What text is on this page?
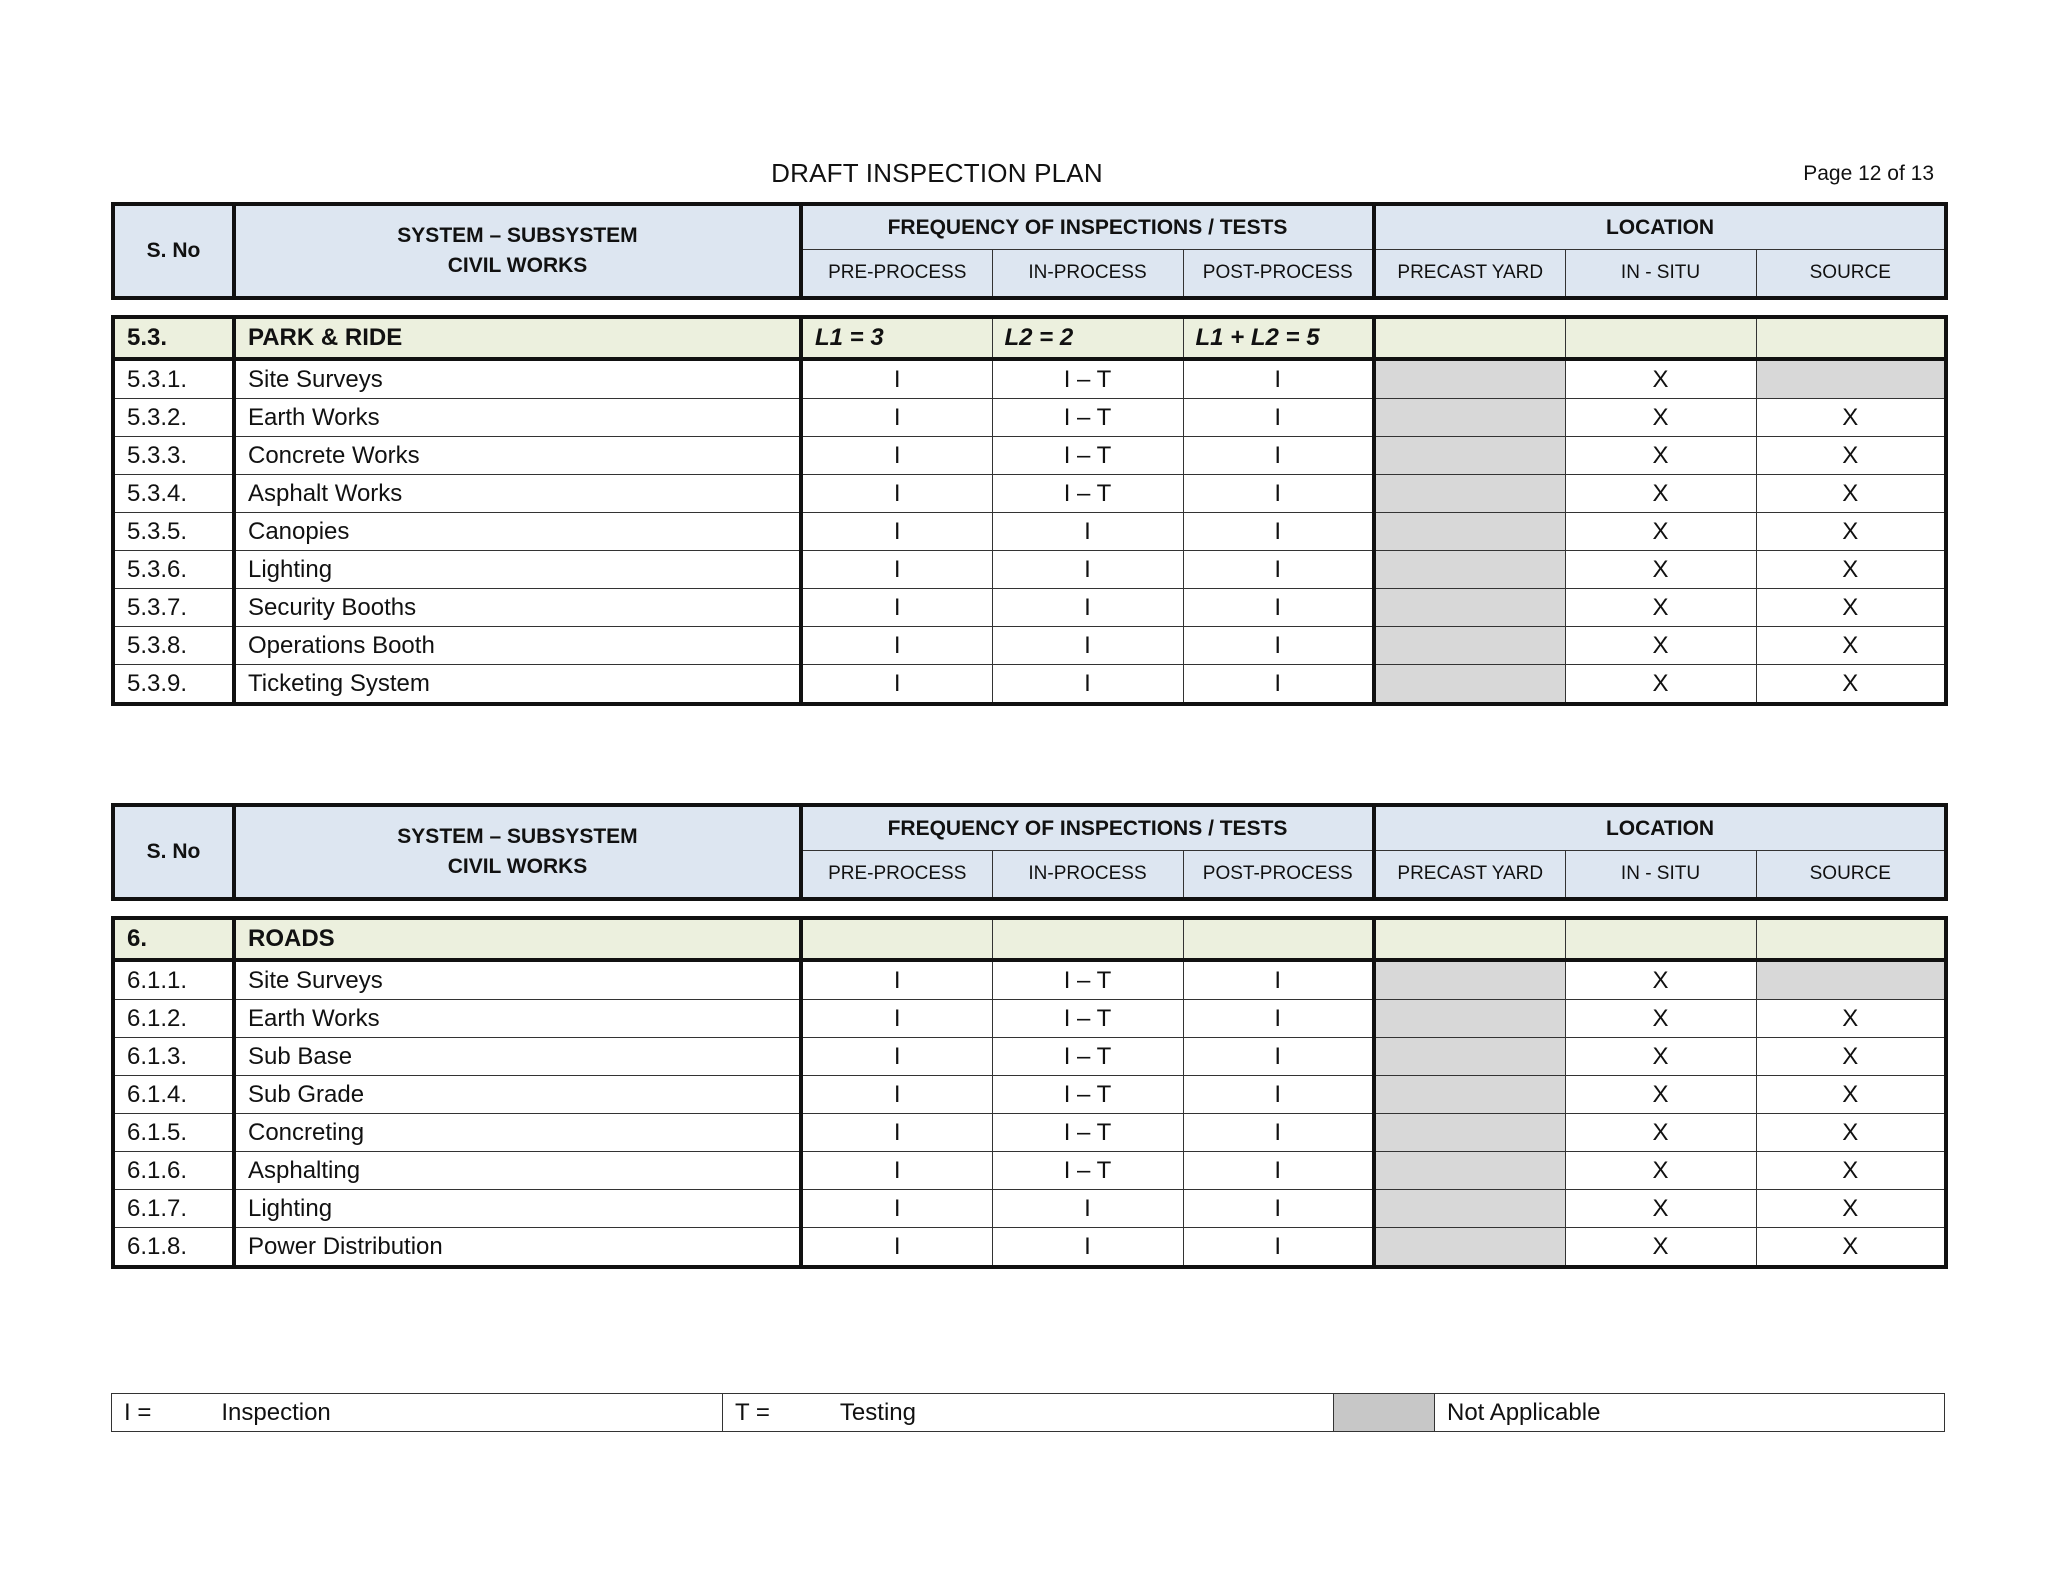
DRAFT INSPECTION PLAN	Page 12 of 13
S. No	SYSTEM – SUBSYSTEM
CIVIL WORKS	FREQUENCY OF INSPECTIONS / TESTS			LOCATION		
		PRE-PROCESS	IN-PROCESS	POST-PROCESS	PRECAST YARD	IN - SITU	SOURCE
5.3.	PARK & RIDE	L1 = 3	L2 = 2	L1 + L2 = 5			
5.3.1.	Site Surveys	I	I – T	I		X	
5.3.2.	Earth Works	I	I – T	I		X	X
5.3.3.	Concrete Works	I	I – T	I		X	X
5.3.4.	Asphalt Works	I	I – T	I		X	X
5.3.5.	Canopies	I	I	I		X	X
5.3.6.	Lighting	I	I	I		X	X
5.3.7.	Security Booths	I	I	I		X	X
5.3.8.	Operations Booth	I	I	I		X	X
5.3.9.	Ticketing System	I	I	I		X	X
S. No	SYSTEM – SUBSYSTEM
CIVIL WORKS	FREQUENCY OF INSPECTIONS / TESTS			LOCATION		
		PRE-PROCESS	IN-PROCESS	POST-PROCESS	PRECAST YARD	IN - SITU	SOURCE
6.	ROADS						
6.1.1.	Site Surveys	I	I – T	I		X	
6.1.2.	Earth Works	I	I – T	I		X	X
6.1.3.	Sub Base	I	I – T	I		X	X
6.1.4.	Sub Grade	I	I – T	I		X	X
6.1.5.	Concreting	I	I – T	I		X	X
6.1.6.	Asphalting	I	I – T	I		X	X
6.1.7.	Lighting	I	I	I		X	X
6.1.8.	Power Distribution	I	I	I		X	X
I =	Inspection	T =	Testing		Not Applicable
